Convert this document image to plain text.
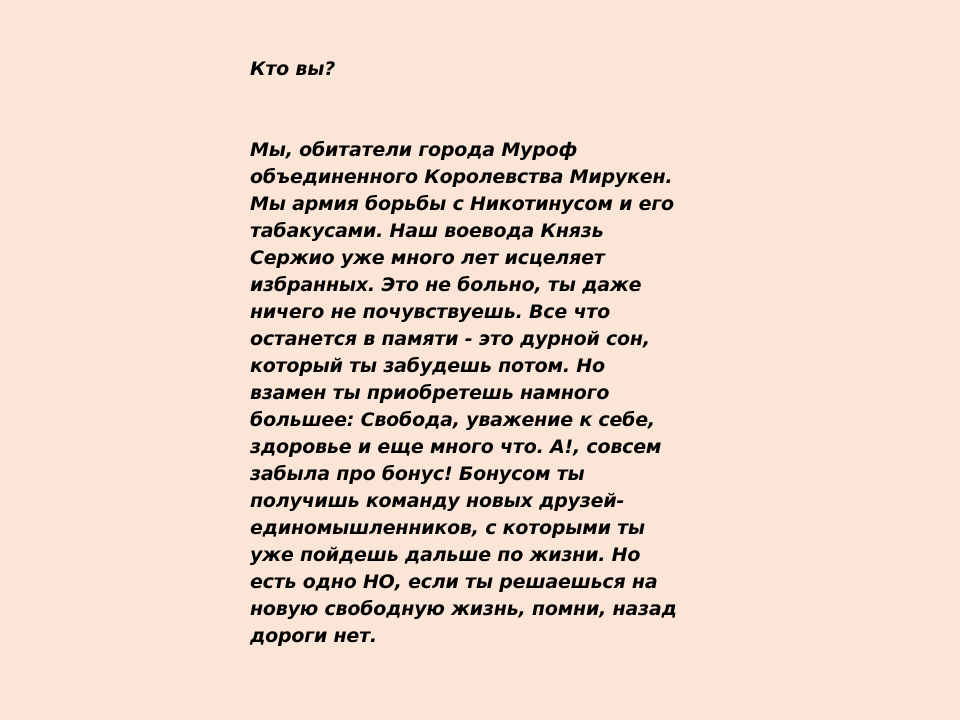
Кто вы?
Мы, обитатели города Муроф
объединенного Королевства Мирукен.
Мы армия борьбы с Никотинусом и его
табакусами. Наш воевода Князь
Сержио уже много лет исцеляет
избранных. Это не больно, ты даже
ничего не почувствуешь. Все что
останется в памяти - это дурной сон,
который ты забудешь потом. Но
взамен ты приобретешь намного
большее: Свобода, уважение к себе,
здоровье и еще много что. А!, совсем
забыла про бонус! Бонусом ты
получишь команду новых друзей-
единомышленников, с которыми ты
уже пойдешь дальше по жизни. Но
есть одно НО, если ты решаешься на
новую свободную жизнь, помни, назад
дороги нет.
